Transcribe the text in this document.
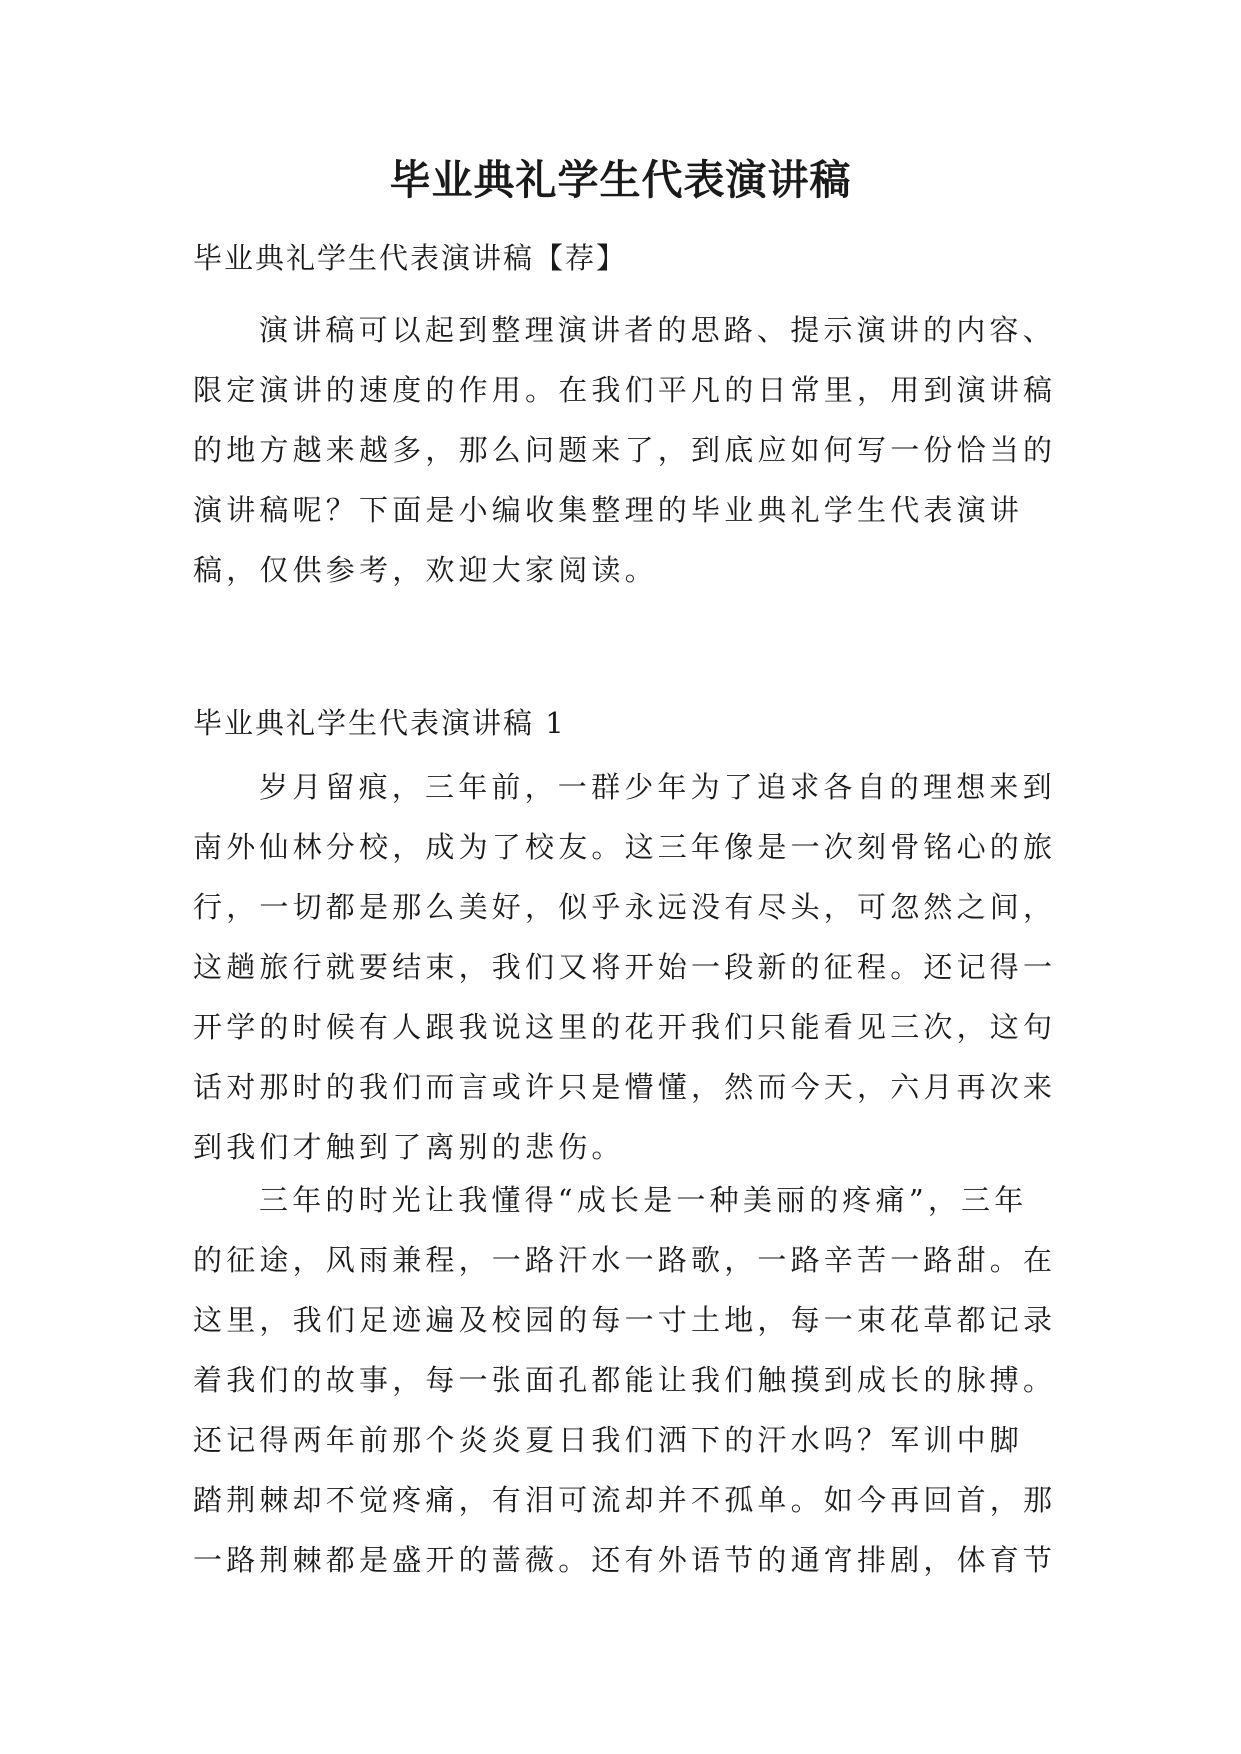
毕业典礼学生代表演讲稿

毕业典礼学生代表演讲稿【荐】

演讲稿可以起到整理演讲者的思路、提示演讲的内容、
限定演讲的速度的作用。在我们平凡的日常里，用到演讲稿
的地方越来越多，那么问题来了，到底应如何写一份恰当的
演讲稿呢？下面是小编收集整理的毕业典礼学生代表演讲
稿，仅供参考，欢迎大家阅读。

毕业典礼学生代表演讲稿 1

岁月留痕，三年前，一群少年为了追求各自的理想来到
南外仙林分校，成为了校友。这三年像是一次刻骨铭心的旅
行，一切都是那么美好，似乎永远没有尽头，可忽然之间，
这趟旅行就要结束，我们又将开始一段新的征程。还记得一
开学的时候有人跟我说这里的花开我们只能看见三次，这句
话对那时的我们而言或许只是懵懂，然而今天，六月再次来
到我们才触到了离别的悲伤。
三年的时光让我懂得“成长是一种美丽的疼痛”，三年
的征途，风雨兼程，一路汗水一路歌，一路辛苦一路甜。在
这里，我们足迹遍及校园的每一寸土地，每一束花草都记录
着我们的故事，每一张面孔都能让我们触摸到成长的脉搏。
还记得两年前那个炎炎夏日我们洒下的汗水吗？军训中脚
踏荆棘却不觉疼痛，有泪可流却并不孤单。如今再回首，那
一路荆棘都是盛开的蔷薇。还有外语节的通宵排剧，体育节
